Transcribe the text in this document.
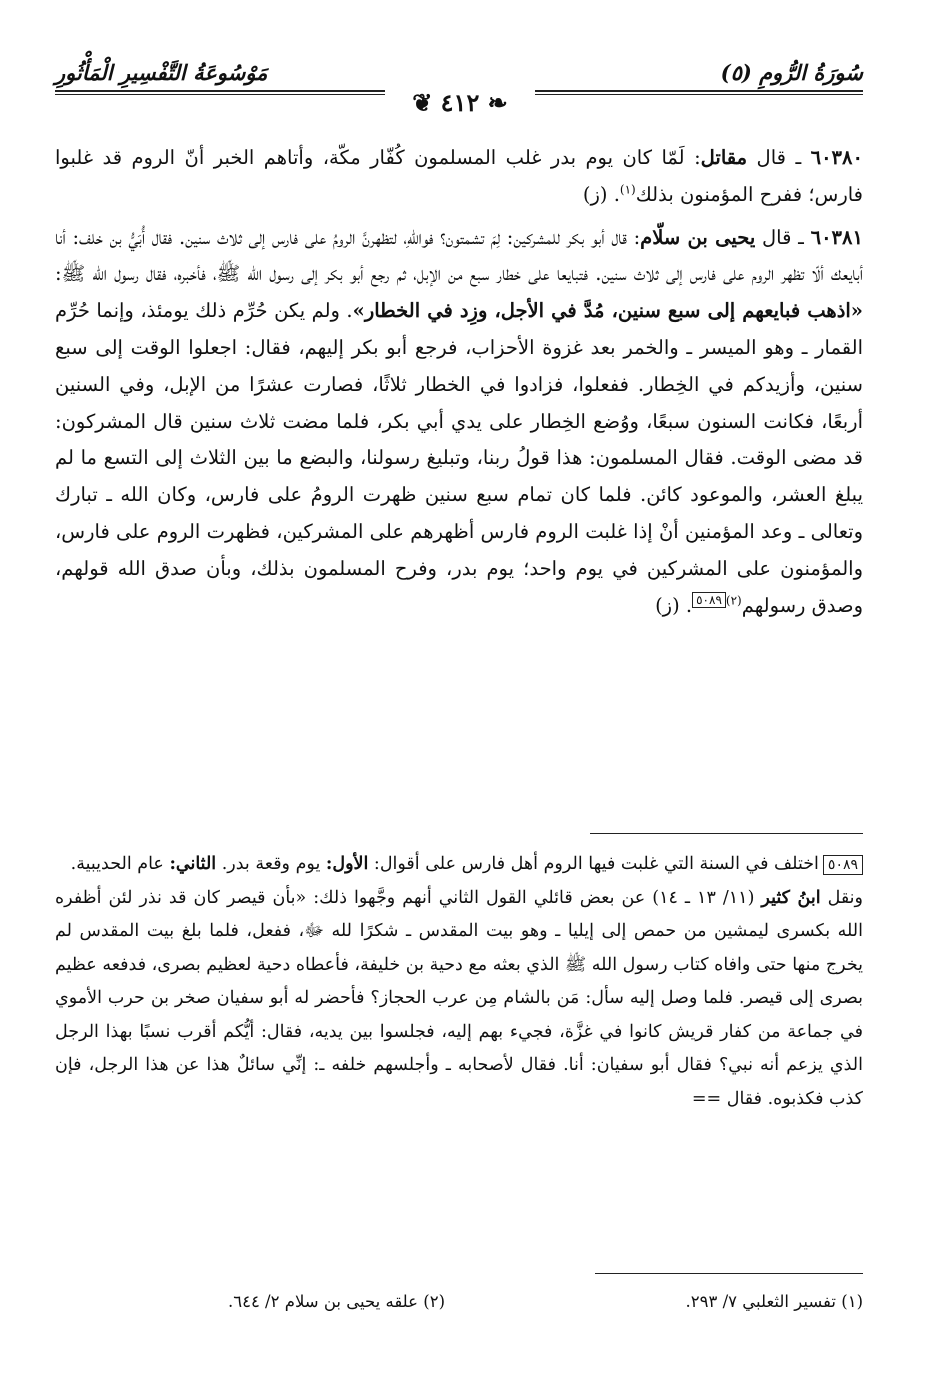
مَوْسُوعَةُ التَّفْسِيرِ الْمَأْثُورِ	سُورَةُ الرُّومِ (٥)
❦ ٤١٢ ❧

٦٠٣٨٠ ـ قال مقاتل: لَمّا كان يوم بدر غلب المسلمون كُفّار مكّة، وأتاهم الخبر أنّ الروم قد غلبوا فارس؛ ففرح المؤمنون بذلك$^{(١)}$. (ز)

٦٠٣٨١ ـ قال يحيى بن سلّام: قال أبو بكر للمشركين: لِمَ تشمتون؟ فواللهِ، لتظهرنَّ الرومُ على فارس إلى ثلاث سنين. فقال أُبَيُّ بن خلف: أنا أبايعك ألّا تظهر الروم على فارس إلى ثلاث سنين. فتبايعا على خطار سبع من الإبل، ثم رجع أبو بكر إلى رسول الله ﷺ، فأخبره، فقال رسول الله ﷺ: «اذهب فبايعهم إلى سبع سنين، مُدَّ في الأجل، وزِد في الخطار». ولم يكن حُرِّم ذلك يومئذ، وإنما حُرِّم القمار ـ وهو الميسر ـ والخمر بعد غزوة الأحزاب، فرجع أبو بكر إليهم، فقال: اجعلوا الوقت إلى سبع سنين، وأزيدكم في الخِطار. ففعلوا، فزادوا في الخطار ثلاثًا، فصارت عشرًا من الإبل، وفي السنين أربعًا، فكانت السنون سبعًا، ووُضع الخِطار على يدي أبي بكر، فلما مضت ثلاث سنين قال المشركون: قد مضى الوقت. فقال المسلمون: هذا قولُ ربنا، وتبليغ رسولنا، والبضع ما بين الثلاث إلى التسع ما لم يبلغ العشر، والموعود كائن. فلما كان تمام سبع سنين ظهرت الرومُ على فارس، وكان الله ـ تبارك وتعالى ـ وعد المؤمنين أنْ إذا غلبت الروم فارس أظهرهم على المشركين، فظهرت الروم على فارس، والمؤمنون على المشركين في يوم واحد؛ يوم بدر، وفرح المسلمون بذلك، وبأن صدق الله قولهم، وصدق رسولهم$^{(٢)}$٥٠٨٩. (ز)

٥٠٨٩اختلف في السنة التي غلبت فيها الروم أهل فارس على أقوال: الأول: يوم وقعة بدر. الثاني: عام الحديبية.

ونقل ابنُ كثير (١١/ ١٣ ـ ١٤) عن بعض قائلي القول الثاني أنهم وجَّهوا ذلك: «بأن قيصر كان قد نذر لئن أظفره الله بكسرى ليمشين من حمص إلى إيليا ـ وهو بيت المقدس ـ شكرًا لله ﷻ، ففعل، فلما بلغ بيت المقدس لم يخرج منها حتى وافاه كتاب رسول الله ﷺ الذي بعثه مع دحية بن خليفة، فأعطاه دحية لعظيم بصرى، فدفعه عظيم بصرى إلى قيصر. فلما وصل إليه سأل: مَن بالشام مِن عرب الحجاز؟ فأحضر له أبو سفيان صخر بن حرب الأموي في جماعة من كفار قريش كانوا في غزَّة، فجيء بهم إليه، فجلسوا بين يديه، فقال: أيُّكم أقرب نسبًا بهذا الرجل الذي يزعم أنه نبي؟ فقال أبو سفيان: أنا. فقال لأصحابه ـ وأجلسهم خلفه ـ: إنِّي سائلٌ هذا عن هذا الرجل، فإن كذب فكذبوه. فقال ==

(١) تفسير الثعلبي ٧/ ٢٩٣.
(٢) علقه يحيى بن سلام ٢/ ٦٤٤.
